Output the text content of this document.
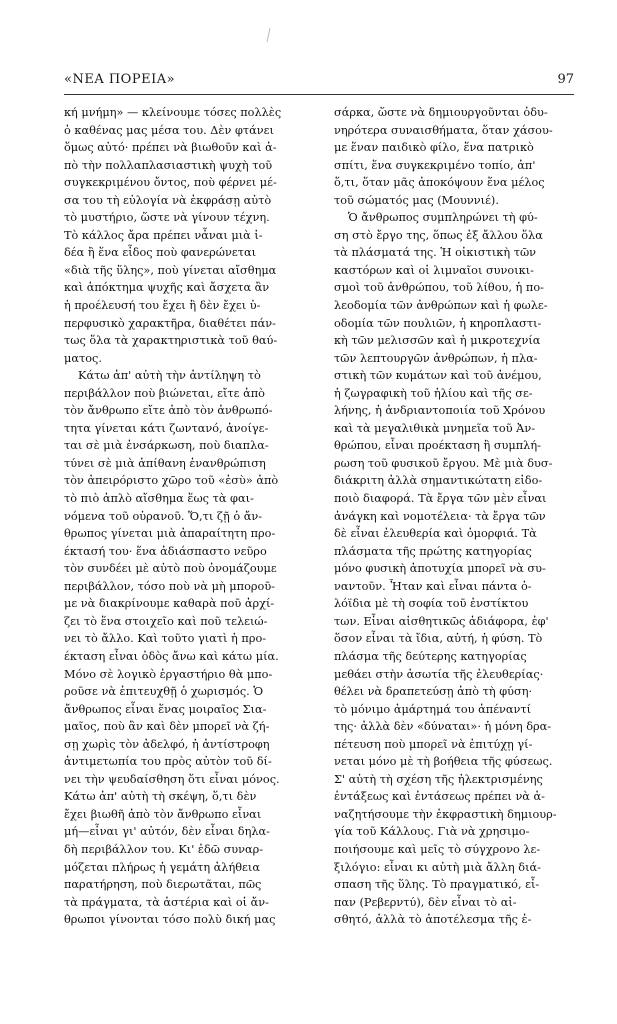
«ΝΕΑ ΠΟΡΕΙΑ»	97

κή μνήμη» — κλείνουμε τόσες πολλὲς
ὁ καθένας μας μέσα του. Δὲν φτάνει
ὅμως αὐτό· πρέπει νὰ βιωθοῦν καὶ ἀ-
πὸ τὴν πολλαπλασιαστικὴ ψυχὴ τοῦ
συγκεκριμένου ὄντος, ποὺ φέρνει μέ-
σα του τὴ εὐλογία νὰ ἐκφράσῃ αὐτὸ
τὸ μυστήριο, ὥστε νὰ γίνουν τέχνη.
Τὸ κάλλος ἄρα πρέπει νἆναι μιὰ ἰ-
δέα ἢ ἕνα εἶδος ποὺ φανερώνεται
«διὰ τῆς ὕλης», ποὺ γίνεται αἴσθημα
καὶ ἀπόκτημα ψυχῆς καὶ ἄσχετα ἂν
ἡ προέλευσή του ἔχει ἢ δὲν ἔχει ὑ-
περφυσικὸ χαρακτῆρα, διαθέτει πάν-
τως ὅλα τὰ χαρακτηριστικὰ τοῦ θαύ-
ματος.

Κάτω ἀπ' αὐτὴ τὴν ἀντίληψη τὸ
περιβάλλον ποὺ βιώνεται, εἴτε ἀπὸ
τὸν ἄνθρωπο εἴτε ἀπὸ τὸν ἀνθρωπό-
τητα γίνεται κάτι ζωντανό, ἀνοίγε-
ται σὲ μιὰ ἐνσάρκωση, ποὺ διαπλα-
τύνει σὲ μιὰ ἀπίθανη ἐνανθρώπιση
τὸν ἀπειρόριστο χῶρο τοῦ «ἐσὺ» ἀπὸ
τὸ πιὸ ἁπλὸ αἴσθημα ἕως τὰ φαι-
νόμενα τοῦ οὐρανοῦ. Ὅ,τι ζῇ ὁ ἄν-
θρωπος γίνεται μιὰ ἀπαραίτητη προ-
έκτασή του· ἕνα ἀδιάσπαστο νεῦρο
τὸν συνδέει μὲ αὐτὸ ποὺ ὀνομάζουμε
περιβάλλον, τόσο ποὺ νὰ μὴ μποροῦ-
με νὰ διακρίνουμε καθαρὰ ποῦ ἀρχί-
ζει τὸ ἕνα στοιχεῖο καὶ ποῦ τελειώ-
νει τὸ ἄλλο. Καὶ τοῦτο γιατὶ ἡ προ-
έκταση εἶναι ὁδὸς ἄνω καὶ κάτω μία.
Μόνο σὲ λογικὸ ἐργαστήριο θὰ μπο-
ροῦσε νὰ ἐπιτευχθῇ ὁ χωρισμός. Ὁ
ἄνθρωπος εἶναι ἕνας μοιραῖος Σια-
μαῖος, ποὺ ἂν καὶ δὲν μπορεῖ νὰ ζή-
σῃ χωρὶς τὸν ἀδελφό, ἡ ἀντίστροφη
ἀντιμετωπία του πρὸς αὐτὸν τοῦ δί-
νει τὴν ψευδαίσθηση ὅτι εἶναι μόνος.
Κάτω ἀπ' αὐτὴ τὴ σκέψη, ὅ,τι δὲν
ἔχει βιωθῆ ἀπὸ τὸν ἄνθρωπο εἶναι
μή—εἶναι γι' αὐτόν, δὲν εἶναι δηλα-
δὴ περιβάλλον του. Κι' ἐδῶ συναρ-
μόζεται πλήρως ἡ γεμάτη ἀλήθεια
παρατήρηση, ποὺ διερωτᾶται, πῶς
τὰ πράγματα, τὰ ἀστέρια καὶ οἱ ἄν-
θρωποι γίνονται τόσο πολὺ δική μας

σάρκα, ὥστε νὰ δημιουργοῦνται ὀδυ-
νηρότερα συναισθήματα, ὅταν χάσου-
με ἕναν παιδικὸ φίλο, ἕνα πατρικὸ
σπίτι, ἕνα συγκεκριμένο τοπίο, ἀπ'
ὅ,τι, ὅταν μᾶς ἀποκόψουν ἕνα μέλος
τοῦ σώματός μας (Μουννιέ).

Ὁ ἄνθρωπος συμπληρώνει τὴ φύ-
ση στὸ ἔργο της, ὅπως ἐξ ἄλλου ὅλα
τὰ πλάσματά της. Ἡ οἰκιστικὴ τῶν
καστόρων καὶ οἱ λιμναῖοι συνοικι-
σμοὶ τοῦ ἀνθρώπου, τοῦ λίθου, ἡ πο-
λεοδομία τῶν ἀνθρώπων καὶ ἡ φωλε-
οδομία τῶν πουλιῶν, ἡ κηροπλαστι-
κὴ τῶν μελισσῶν καὶ ἡ μικροτεχνία
τῶν λεπτουργῶν ἀνθρώπων, ἡ πλα-
στικὴ τῶν κυμάτων καὶ τοῦ ἀνέμου,
ἡ ζωγραφικὴ τοῦ ἡλίου καὶ τῆς σε-
λήνης, ἡ ἀνδριαντοποιία τοῦ Χρόνου
καὶ τὰ μεγαλιθικὰ μνημεῖα τοῦ Ἀν-
θρώπου, εἶναι προέκταση ἢ συμπλή-
ρωση τοῦ φυσικοῦ ἔργου. Μὲ μιὰ δυσ-
διάκριτη ἀλλὰ σημαντικώτατη εἰδο-
ποιὸ διαφορά. Τὰ ἔργα τῶν μὲν εἶναι
ἀνάγκη καὶ νομοτέλεια· τὰ ἔργα τῶν
δὲ εἶναι ἐλευθερία καὶ ὁμορφιά. Τὰ
πλάσματα τῆς πρώτης κατηγορίας
μόνο φυσικὴ ἀποτυχία μπορεῖ νὰ συ-
ναντοῦν. Ἦταν καὶ εἶναι πάντα ὁ-
λόϊδια μὲ τὴ σοφία τοῦ ἐνστίκτου
των. Εἶναι αἰσθητικῶς ἀδιάφορα, ἐφ'
ὅσον εἶναι τὰ ἴδια, αὐτή, ἡ φύση. Τὸ
πλάσμα τῆς δεύτερης κατηγορίας
μεθάει στὴν ἀσωτία τῆς ἐλευθερίας·
θέλει νὰ δραπετεύσῃ ἀπὸ τὴ φύση·
τὸ μόνιμο ἁμάρτημά του ἀπέναντί
της· ἀλλὰ δὲν «δύναται»· ἡ μόνη δρα-
πέτευση ποὺ μπορεῖ νὰ ἐπιτύχῃ γί-
νεται μόνο μὲ τὴ βοήθεια τῆς φύσεως.
Σ' αὐτὴ τὴ σχέση τῆς ἠλεκτρισμένης
ἐντάξεως καὶ ἐντάσεως πρέπει νὰ ἀ-
ναζητήσουμε τὴν ἐκφραστικὴ δημιουρ-
γία τοῦ Κάλλους. Γιὰ νὰ χρησιμο-
ποιήσουμε καὶ μεῖς τὸ σύγχρονο λε-
ξιλόγιο: εἶναι κι αὐτὴ μιὰ ἄλλη διά-
σπαση τῆς ὕλης. Τὸ πραγματικό, εἶ-
παν (Ρεβερντύ), δὲν εἶναι τὸ αἰ-
σθητό, ἀλλὰ τὸ ἀποτέλεσμα τῆς ἐ-
